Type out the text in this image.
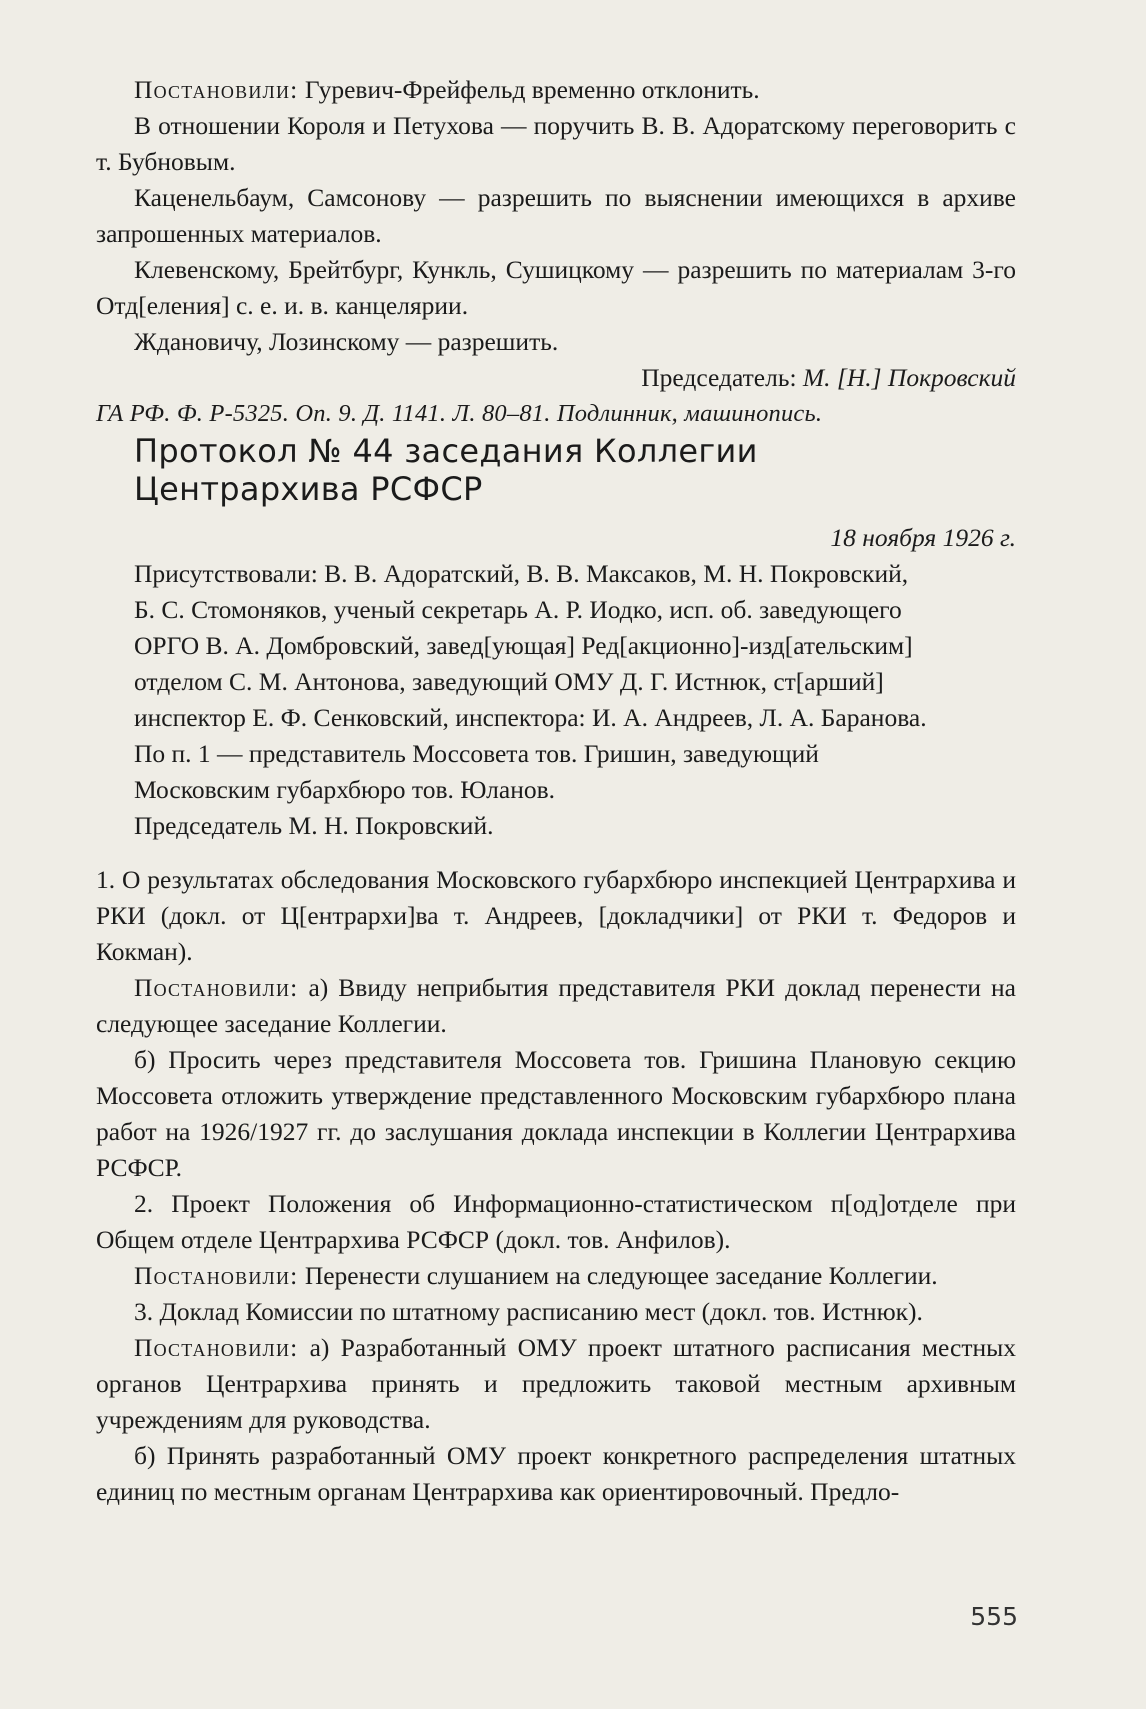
Постановили: Гуревич-Фрейфельд временно отклонить.

В отношении Короля и Петухова — поручить В. В. Адоратскому переговорить с т. Бубновым.

Каценельбаум, Самсонову — разрешить по выяснении имеющихся в архиве запрошенных материалов.

Клевенскому, Брейтбург, Кункль, Сушицкому — разрешить по материалам 3-го Отд[еления] с. е. и. в. канцелярии.

Ждановичу, Лозинскому — разрешить.

Председатель: М. [Н.] Покровский

ГА РФ. Ф. Р-5325. Оп. 9. Д. 1141. Л. 80–81. Подлинник, машинопись.

Протокол № 44 заседания Коллегии
Центрархива РСФСР

18 ноября 1926 г.

Присутствовали: В. В. Адоратский, В. В. Максаков, М. Н. Покровский,

Б. С. Стомоняков, ученый секретарь А. Р. Иодко, исп. об. заведующего

ОРГО В. А. Домбровский, завед[ующая] Ред[акционно]-изд[ательским]

отделом С. М. Антонова, заведующий ОМУ Д. Г. Истнюк, ст[арший]

инспектор Е. Ф. Сенковский, инспектора: И. А. Андреев, Л. А. Баранова.

По п. 1 — представитель Моссовета тов. Гришин, заведующий

Московским губархбюро тов. Юланов.

Председатель М. Н. Покровский.

1. О результатах обследования Московского губархбюро инспекцией Центрархива и РКИ (докл. от Ц[ентрархи]ва т. Андреев, [докладчики] от РКИ т. Федоров и Кокман).

Постановили: а) Ввиду неприбытия представителя РКИ доклад перенести на следующее заседание Коллегии.

б) Просить через представителя Моссовета тов. Гришина Плановую секцию Моссовета отложить утверждение представленного Московским губархбюро плана работ на 1926/1927 гг. до заслушания доклада инспекции в Коллегии Центрархива РСФСР.

2. Проект Положения об Информационно-статистическом п[од]отделе при Общем отделе Центрархива РСФСР (докл. тов. Анфилов).

Постановили: Перенести слушанием на следующее заседание Коллегии.

3. Доклад Комиссии по штатному расписанию мест (докл. тов. Истнюк).

Постановили: а) Разработанный ОМУ проект штатного расписания местных органов Центрархива принять и предложить таковой местным архивным учреждениям для руководства.

б) Принять разработанный ОМУ проект конкретного распределения штатных единиц по местным органам Центрархива как ориентировочный. Предло-

555
